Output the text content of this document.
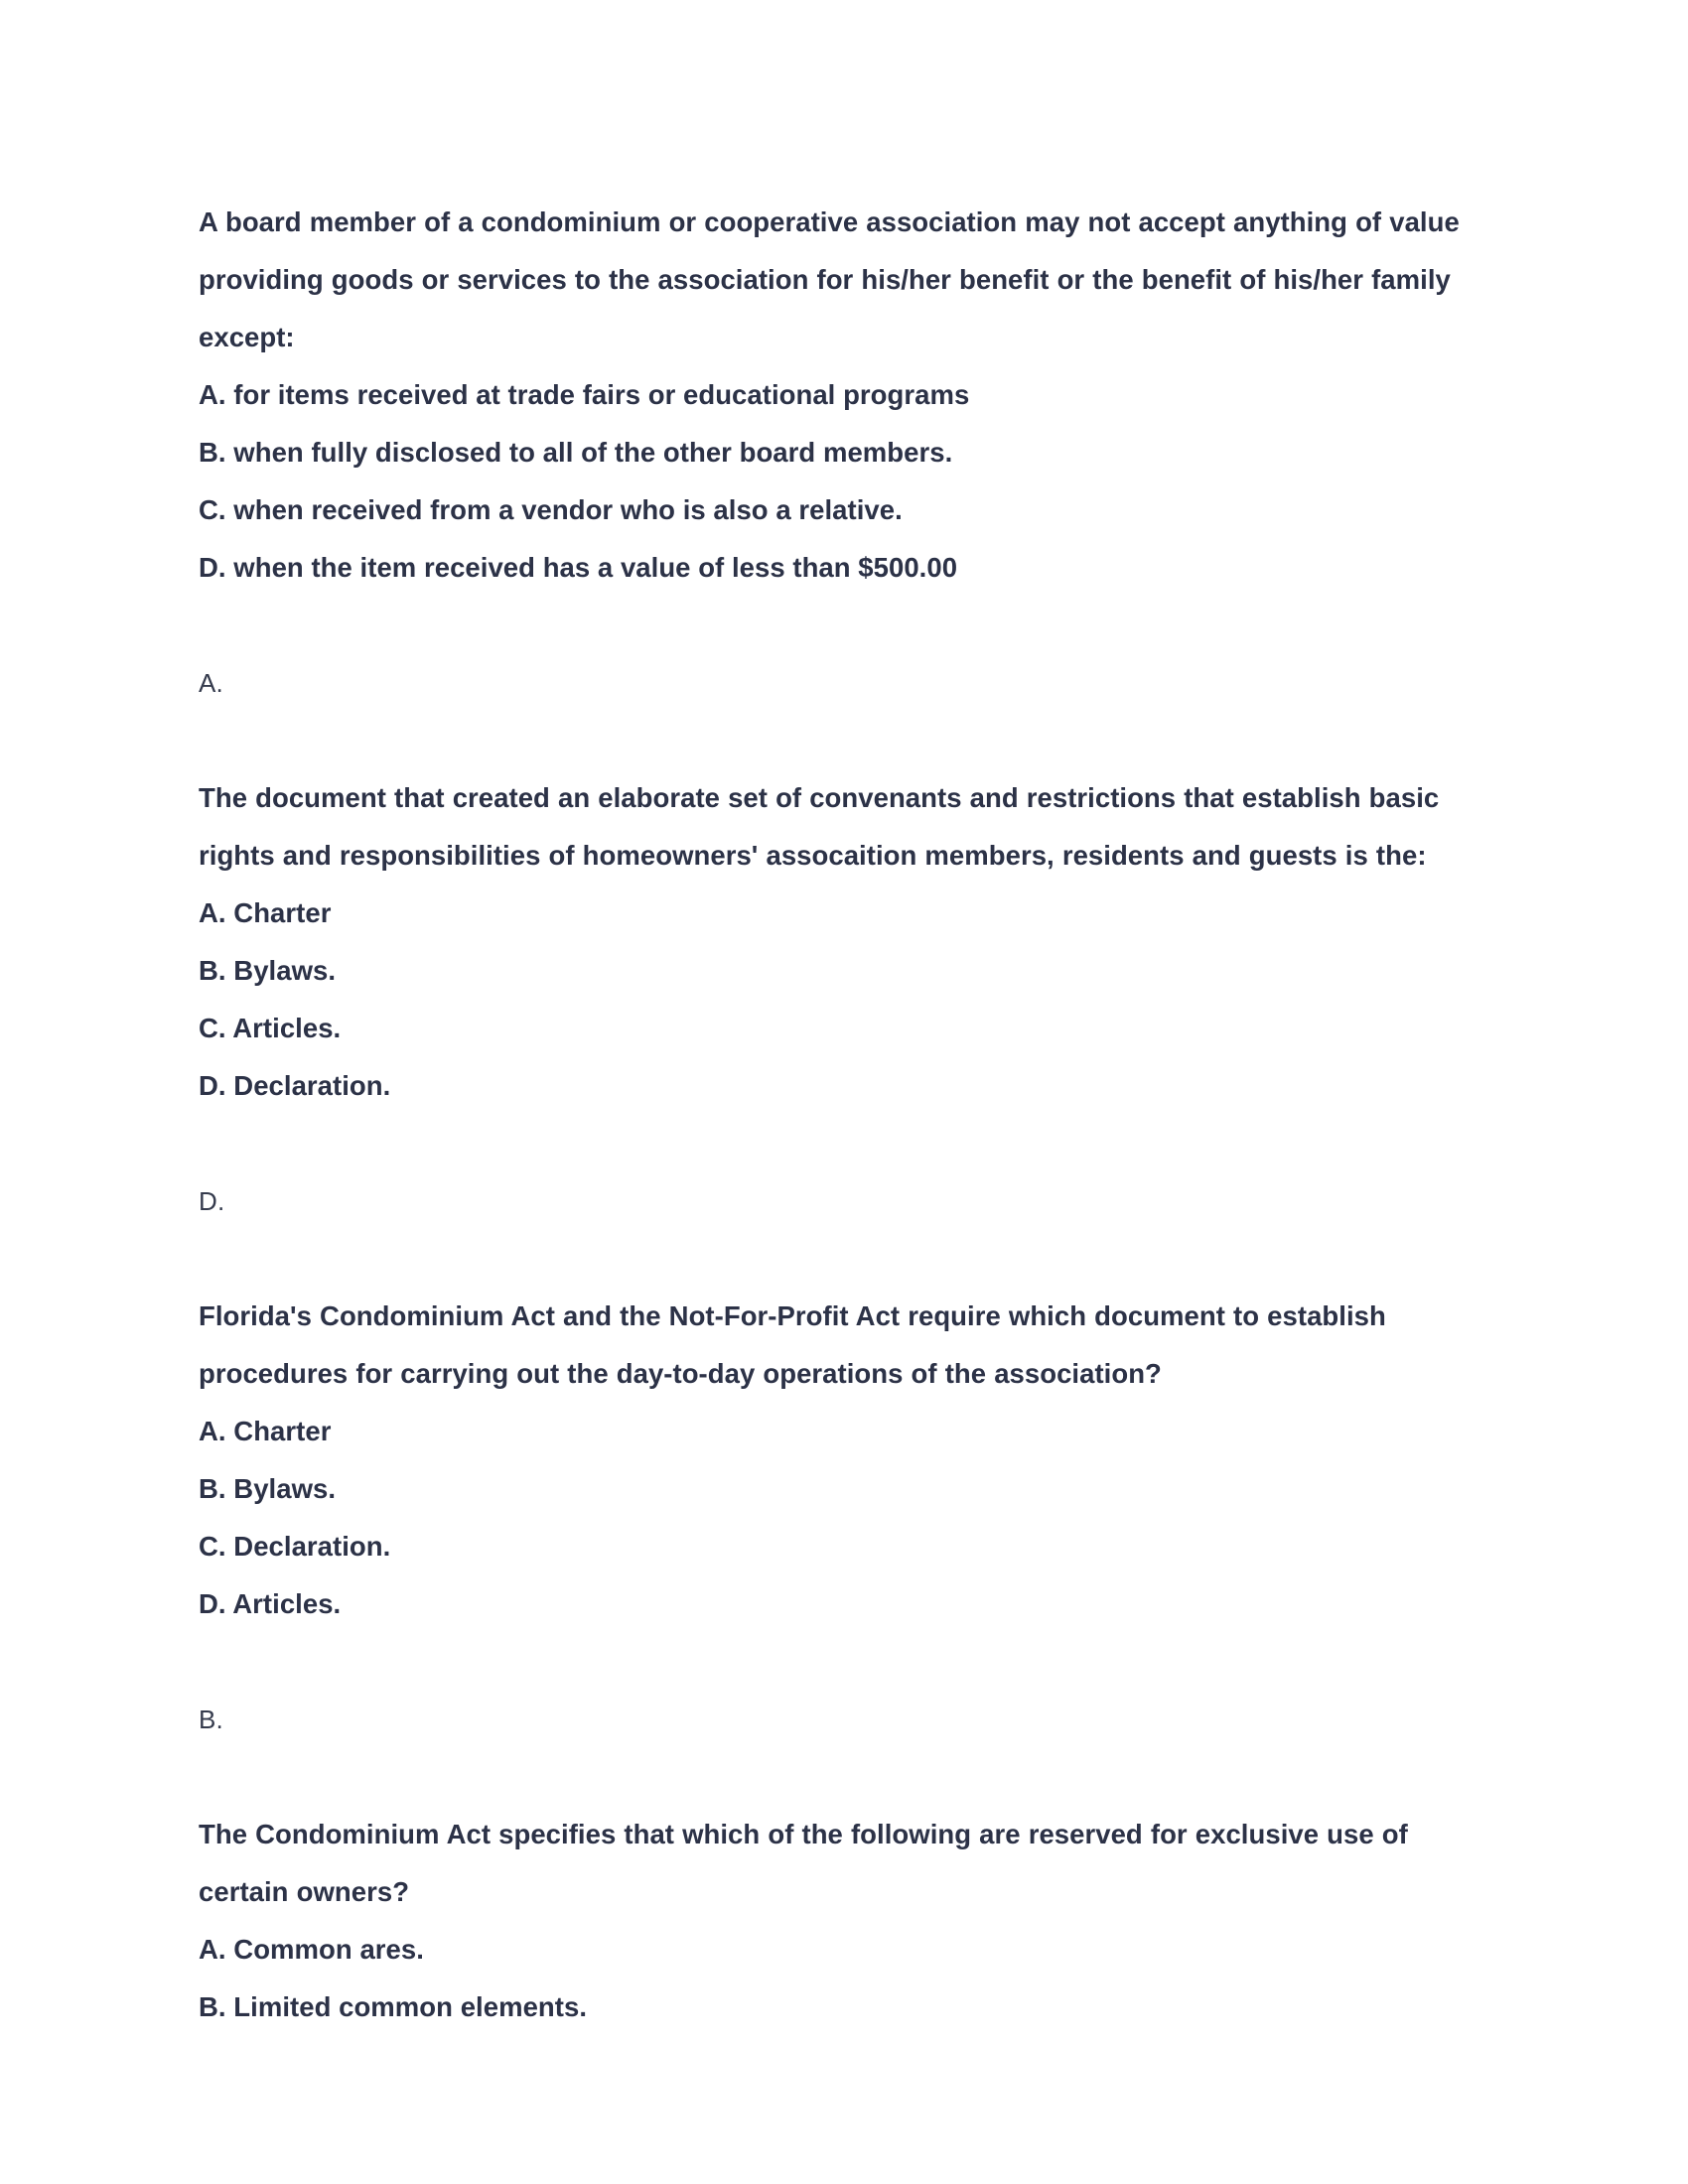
A board member of a condominium or cooperative association may not accept anything of value providing goods or services to the association for his/her benefit or the benefit of his/her family except:

A. for items received at trade fairs or educational programs
B. when fully disclosed to all of the other board members.
C. when received from a vendor who is also a relative.
D. when the item received has a value of less than $500.00

A.

The document that created an elaborate set of convenants and restrictions that establish basic rights and responsibilities of homeowners' assocaition members, residents and guests is the:

A. Charter
B. Bylaws.
C. Articles.
D. Declaration.

D.

Florida's Condominium Act and the Not-For-Profit Act require which document to establish procedures for carrying out the day-to-day operations of the association?

A. Charter
B. Bylaws.
C. Declaration.
D. Articles.

B.

The Condominium Act specifies that which of the following are reserved for exclusive use of certain owners?

A. Common ares.
B. Limited common elements.
